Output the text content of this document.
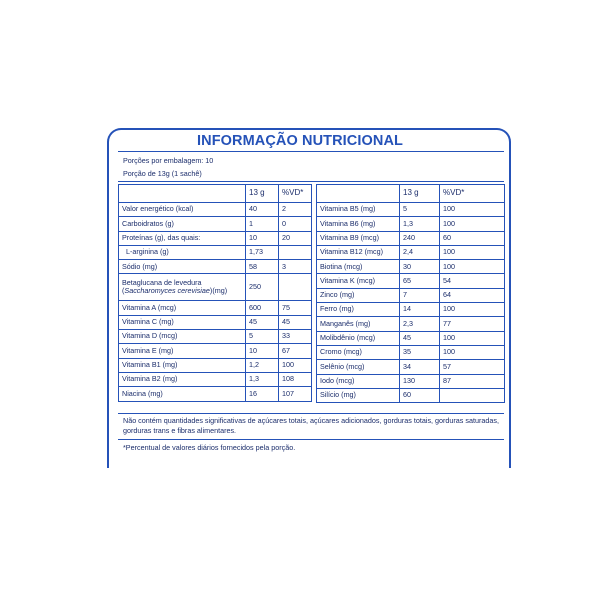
INFORMAÇÃO NUTRICIONAL
Porções por embalagem: 10
Porção de 13g (1 sachê)
	13 g	%VD*
Valor energético (kcal)	40	2
Carboidratos (g)	1	0
Proteínas (g), das quais:	10	20
L-arginina (g)	1,73	
Sódio (mg)	58	3
Betaglucana de levedura
(Saccharomyces cerevisiae)(mg)	250	
Vitamina A (mcg)	600	75
Vitamina C (mg)	45	45
Vitamina D (mcg)	5	33
Vitamina E (mg)	10	67
Vitamina B1 (mg)	1,2	100
Vitamina B2 (mg)	1,3	108
Niacina (mg)	16	107
	13 g	%VD*
Vitamina B5 (mg)	5	100
Vitamina B6 (mg)	1,3	100
Vitamina B9 (mcg)	240	60
Vitamina B12 (mcg)	2,4	100
Biotina (mcg)	30	100
Vitamina K (mcg)	65	54
Zinco (mg)	7	64
Ferro (mg)	14	100
Manganês (mg)	2,3	77
Molibdênio (mcg)	45	100
Cromo (mcg)	35	100
Selênio (mcg)	34	57
Iodo (mcg)	130	87
Silício (mg)	60	
Não contém quantidades significativas de açúcares totais, açúcares adicionados, gorduras totais, gorduras saturadas, gorduras trans e fibras alimentares.
*Percentual de valores diários fornecidos pela porção.
